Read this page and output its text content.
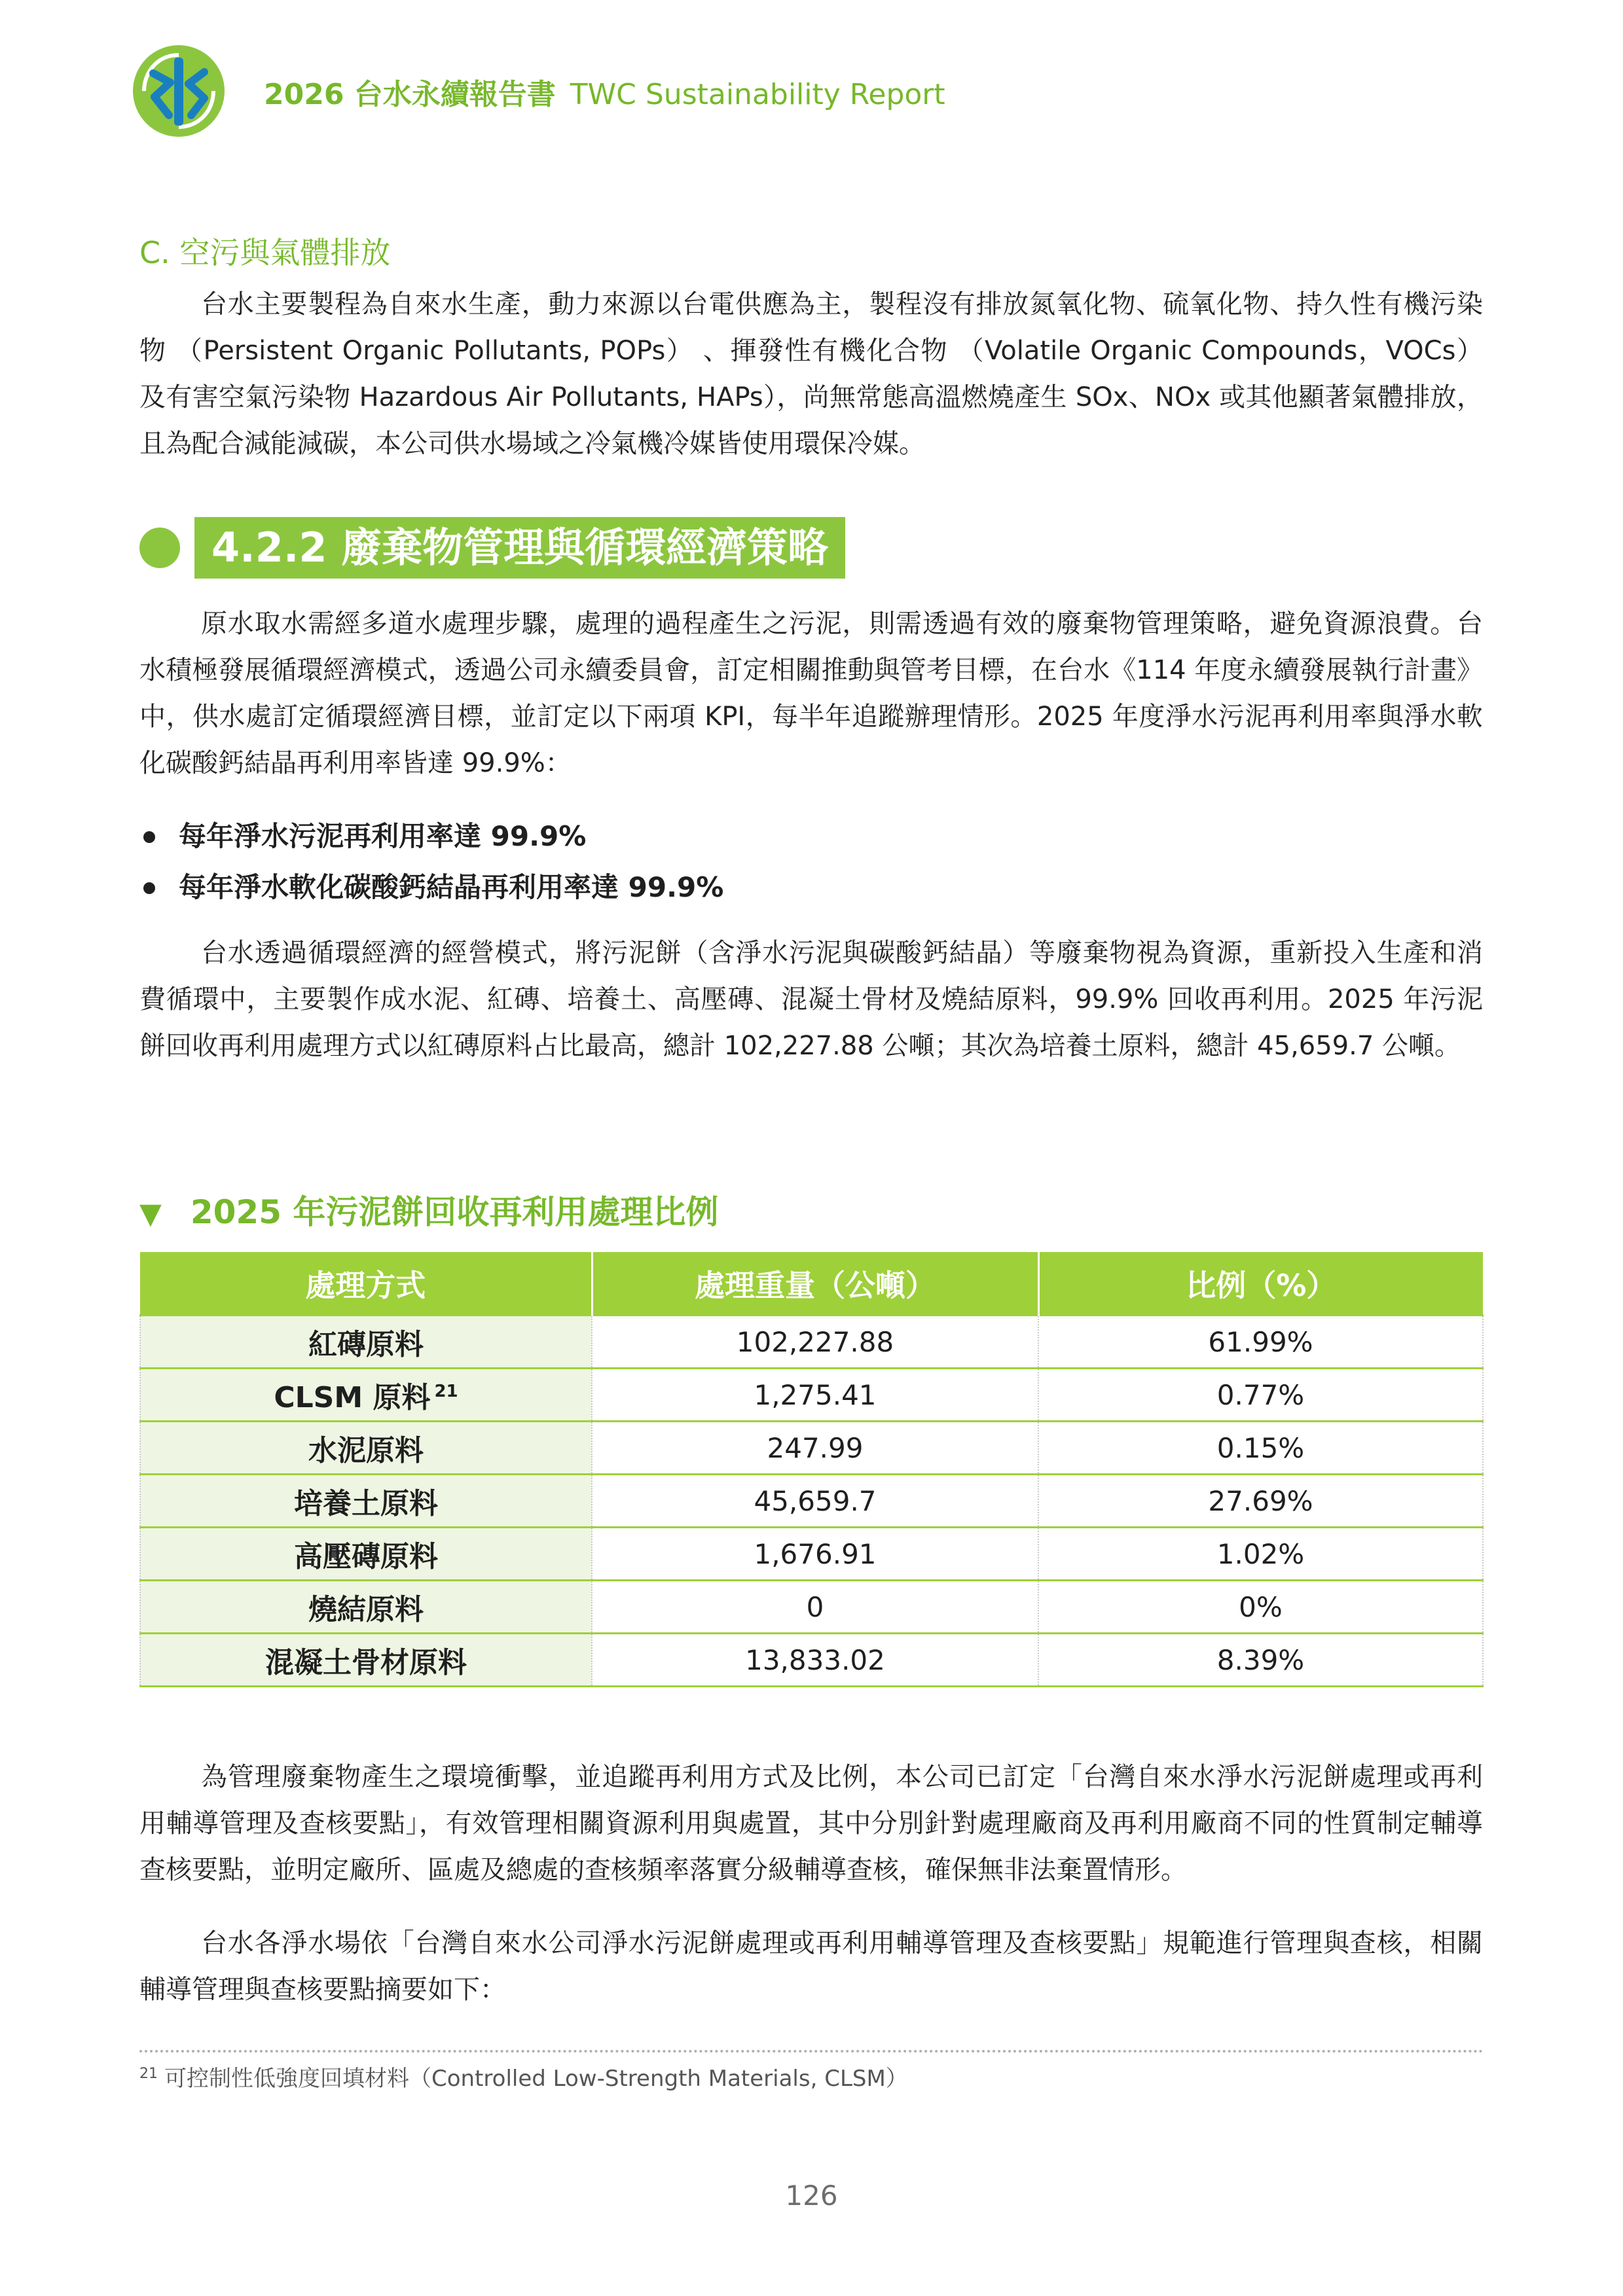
2026 台水永續報告書 TWC Sustainability Report
C. 空污與氣體排放
台水主要製程為自來水生產，動力來源以台電供應為主，製程沒有排放氮氧化物、硫氧化物、持久性有機污染物 （Persistent Organic Pollutants, POPs） 、揮發性有機化合物 （Volatile Organic Compounds，VOCs）及有害空氣污染物 Hazardous Air Pollutants, HAPs），尚無常態高溫燃燒產生 SOx、NOx 或其他顯著氣體排放，且為配合減能減碳，本公司供水場域之冷氣機冷媒皆使用環保冷媒。
4.2.2 廢棄物管理與循環經濟策略
原水取水需經多道水處理步驟，處理的過程產生之污泥，則需透過有效的廢棄物管理策略，避免資源浪費。台水積極發展循環經濟模式，透過公司永續委員會，訂定相關推動與管考目標，在台水《114 年度永續發展執行計畫》中，供水處訂定循環經濟目標，並訂定以下兩項 KPI，每半年追蹤辦理情形。2025 年度淨水污泥再利用率與淨水軟化碳酸鈣結晶再利用率皆達 99.9%：
每年淨水污泥再利用率達 99.9%
每年淨水軟化碳酸鈣結晶再利用率達 99.9%
台水透過循環經濟的經營模式，將污泥餅（含淨水污泥與碳酸鈣結晶）等廢棄物視為資源，重新投入生產和消費循環中，主要製作成水泥、紅磚、培養土、高壓磚、混凝土骨材及燒結原料，99.9% 回收再利用。2025 年污泥餅回收再利用處理方式以紅磚原料占比最高，總計 102,227.88 公噸；其次為培養土原料，總計 45,659.7 公噸。
▼ 2025 年污泥餅回收再利用處理比例
處理方式	處理重量（公噸）	比例（%）
紅磚原料	102,227.88	61.99%
CLSM 原料 $^{21}$	1,275.41	0.77%
水泥原料	247.99	0.15%
培養土原料	45,659.7	27.69%
高壓磚原料	1,676.91	1.02%
燒結原料	0	0%
混凝土骨材原料	13,833.02	8.39%
為管理廢棄物產生之環境衝擊，並追蹤再利用方式及比例，本公司已訂定「台灣自來水淨水污泥餅處理或再利用輔導管理及查核要點」，有效管理相關資源利用與處置，其中分別針對處理廠商及再利用廠商不同的性質制定輔導查核要點，並明定廠所、區處及總處的查核頻率落實分級輔導查核，確保無非法棄置情形。
台水各淨水場依「台灣自來水公司淨水污泥餅處理或再利用輔導管理及查核要點」規範進行管理與查核，相關輔導管理與查核要點摘要如下：
$^{21}$ 可控制性低強度回填材料（Controlled Low-Strength Materials, CLSM）
126
